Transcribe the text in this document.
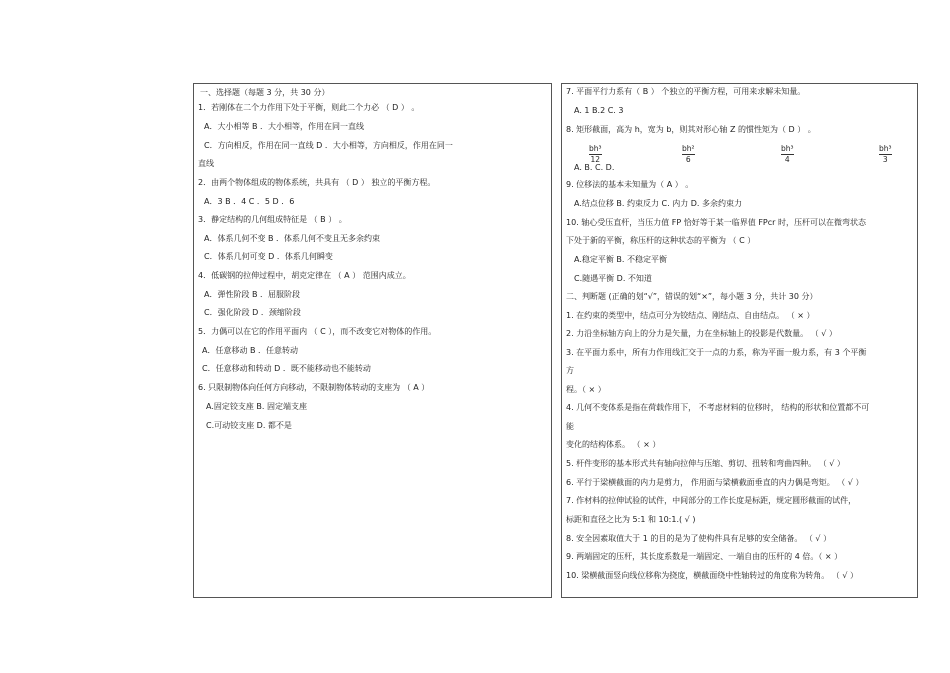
一、选择题（每题 3 分，共 30 分）
1．若刚体在二个力作用下处于平衡，则此二个力必 （ D ） 。
A．大小相等 B ．大小相等，作用在同一直线
C．方向相反，作用在同一直线 D ．大小相等，方向相反，作用在同一
直线
2．由两个物体组成的物体系统，共具有 （ D ） 独立的平衡方程。
A．3 B ．4 C ．5 D ．6
3．静定结构的几何组成特征是 （ B ） 。
A．体系几何不变 B ．体系几何不变且无多余约束
C．体系几何可变 D ．体系几何瞬变
4．低碳钢的拉伸过程中，胡克定律在 （ A ） 范围内成立。
A．弹性阶段 B ．屈服阶段
C．强化阶段 D ．颈缩阶段
5．力偶可以在它的作用平面内 （ C ），而不改变它对物体的作用。
A．任意移动 B ．任意转动
C．任意移动和转动 D ．既不能移动也不能转动
6. 只限制物体向任何方向移动，不限制物体转动的支座为 （ A ）
A.固定铰支座 B. 固定端支座
C.可动铰支座 D. 都不是
7. 平面平行力系有（ B ） 个独立的平衡方程，可用来求解未知量。
A. 1 B.2 C. 3
8. 矩形截面，高为 h，宽为 b，则其对形心轴 Z 的惯性矩为（ D ） 。
A. B. C. D.
bh³
12
bh²
6
bh³
4
bh³
3
9. 位移法的基本未知量为（ A ） 。
A.结点位移 B. 约束反力 C. 内力 D. 多余约束力
10. 轴心受压直杆，当压力值 FP 恰好等于某一临界值 FPcr 时，压杆可以在微弯状态
下处于新的平衡，称压杆的这种状态的平衡为 （ C ）
A.稳定平衡 B. 不稳定平衡
C.随遇平衡 D. 不知道
二、判断题 (正确的划“√”，错误的划“×”，每小题 3 分，共计 30 分）
1. 在约束的类型中，结点可分为铰结点、刚结点、自由结点。 （ × ）
2. 力沿坐标轴方向上的分力是矢量，力在坐标轴上的投影是代数量。 （ √ ）
3. 在平面力系中，所有力作用线汇交于一点的力系，称为平面一般力系，有 3 个平衡
方
程。（ × ）
4. 几何不变体系是指在荷载作用下， 不考虑材料的位移时， 结构的形状和位置都不可
能
变化的结构体系。 （ × ）
5. 杆件变形的基本形式共有轴向拉伸与压缩、剪切、扭转和弯曲四种。 （ √ ）
6. 平行于梁横截面的内力是剪力， 作用面与梁横截面垂直的内力偶是弯矩。 （ √ ）
7. 作材料的拉伸试验的试件，中间部分的工作长度是标距，规定圆形截面的试件，
标距和直径之比为 5:1 和 10:1.( √ )
8. 安全因素取值大于 1 的目的是为了使构件具有足够的安全储备。 （ √ ）
9. 两端固定的压杆，其长度系数是一端固定、一端自由的压杆的 4 倍。（ × ）
10. 梁横截面竖向线位移称为挠度，横截面绕中性轴转过的角度称为转角。 （ √ ）
